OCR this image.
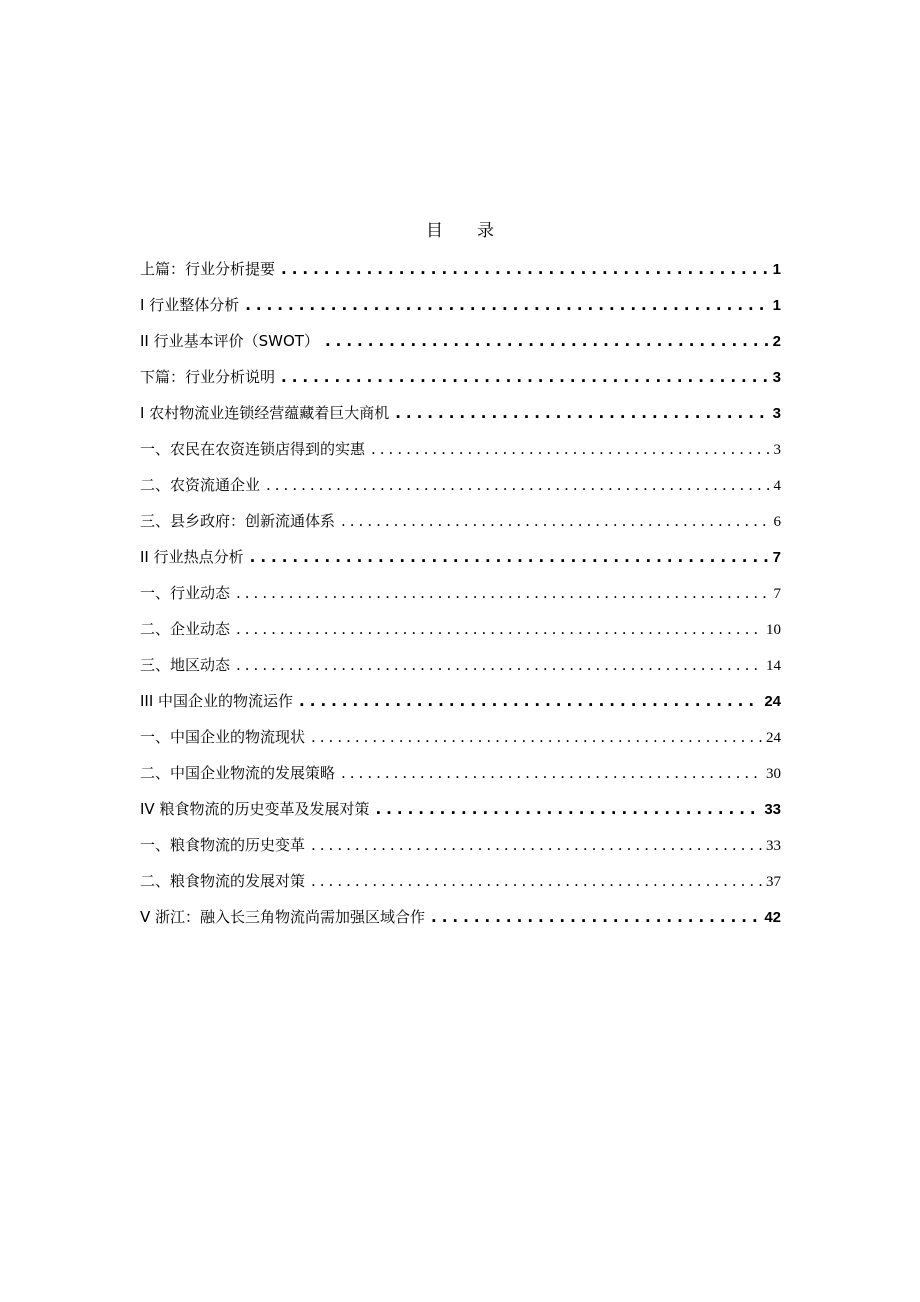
目　　录
上篇：行业分析提要 .....	1
I 行业整体分析 .....	1
II 行业基本评价（SWOT） .....	2
下篇：行业分析说明 .....	3
I 农村物流业连锁经营蕴藏着巨大商机 .....	3
一、农民在农资连锁店得到的实惠 .....	3
二、农资流通企业 .....	4
三、县乡政府：创新流通体系 .....	6
II 行业热点分析 .....	7
一、行业动态 .....	7
二、企业动态 .....	10
三、地区动态 .....	14
III 中国企业的物流运作 .....	24
一、中国企业的物流现状 .....	24
二、中国企业物流的发展策略 .....	30
IV 粮食物流的历史变革及发展对策 .....	33
一、粮食物流的历史变革 .....	33
二、粮食物流的发展对策 .....	37
V 浙江：融入长三角物流尚需加强区域合作 .....	42
